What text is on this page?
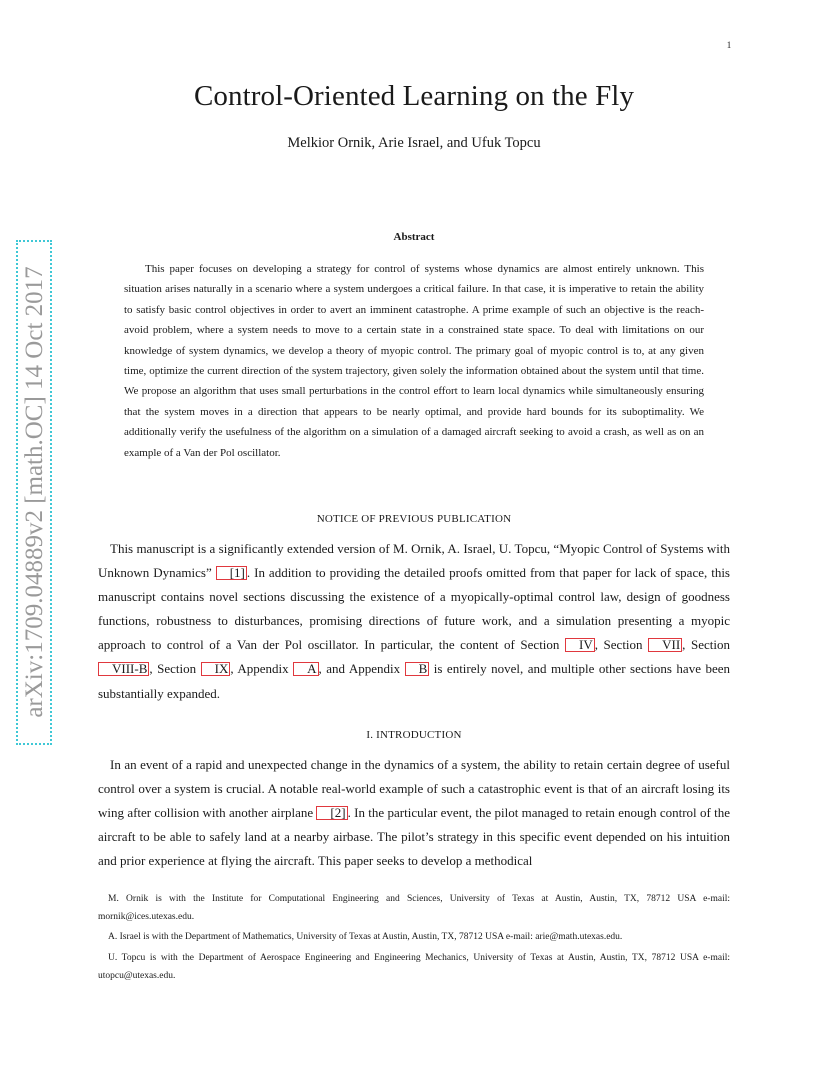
1
Control-Oriented Learning on the Fly
Melkior Ornik, Arie Israel, and Ufuk Topcu
arXiv:1709.04889v2 [math.OC] 14 Oct 2017
Abstract

This paper focuses on developing a strategy for control of systems whose dynamics are almost entirely unknown. This situation arises naturally in a scenario where a system undergoes a critical failure. In that case, it is imperative to retain the ability to satisfy basic control objectives in order to avert an imminent catastrophe. A prime example of such an objective is the reach-avoid problem, where a system needs to move to a certain state in a constrained state space. To deal with limitations on our knowledge of system dynamics, we develop a theory of myopic control. The primary goal of myopic control is to, at any given time, optimize the current direction of the system trajectory, given solely the information obtained about the system until that time. We propose an algorithm that uses small perturbations in the control effort to learn local dynamics while simultaneously ensuring that the system moves in a direction that appears to be nearly optimal, and provide hard bounds for its suboptimality. We additionally verify the usefulness of the algorithm on a simulation of a damaged aircraft seeking to avoid a crash, as well as on an example of a Van der Pol oscillator.

NOTICE OF PREVIOUS PUBLICATION

This manuscript is a significantly extended version of M. Ornik, A. Israel, U. Topcu, “Myopic Control of Systems with Unknown Dynamics” [1] . In addition to providing the detailed proofs omitted from that paper for lack of space, this manuscript contains novel sections discussing the existence of a myopically-optimal control law, design of goodness functions, robustness to disturbances, promising directions of future work, and a simulation presenting a myopic approach to control of a Van der Pol oscillator. In particular, the content of Section IV , Section VII , Section VIII-B , Section IX , Appendix A , and Appendix B is entirely novel, and multiple other sections have been substantially expanded.

I. INTRODUCTION

In an event of a rapid and unexpected change in the dynamics of a system, the ability to retain certain degree of useful control over a system is crucial. A notable real-world example of such a catastrophic event is that of an aircraft losing its wing after collision with another airplane [2] . In the particular event, the pilot managed to retain enough control of the aircraft to be able to safely land at a nearby airbase. The pilot’s strategy in this specific event depended on his intuition and prior experience at flying the aircraft. This paper seeks to develop a methodical

M. Ornik is with the Institute for Computational Engineering and Sciences, University of Texas at Austin, Austin, TX, 78712 USA e-mail: mornik@ices.utexas.edu.

A. Israel is with the Department of Mathematics, University of Texas at Austin, Austin, TX, 78712 USA e-mail: arie@math.utexas.edu.

U. Topcu is with the Department of Aerospace Engineering and Engineering Mechanics, University of Texas at Austin, Austin, TX, 78712 USA e-mail: utopcu@utexas.edu.
